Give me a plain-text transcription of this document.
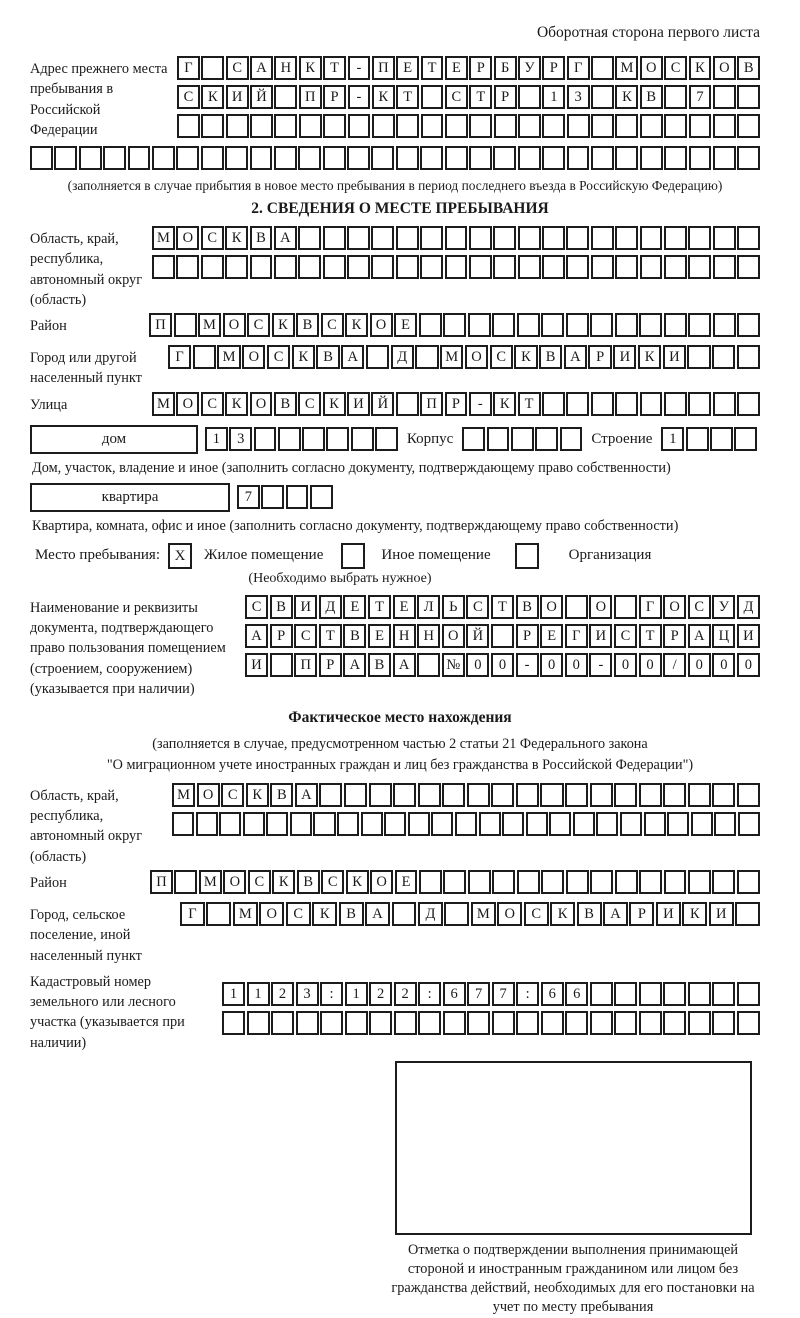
Оборотная сторона первого листа
Адрес прежнего места пребывания в Российской Федерации
Г	С А Н К	Т	-	П	Е	Т	Е	Р	Б	У	Р	Г	М О С	К О В
С	К И Й	П	Р	-	К	Т	С	Т	Р	1	3	К	В	7
(заполняется в случае прибытия в новое место пребывания в период последнего въезда в Российскую Федерацию)
2. СВЕДЕНИЯ О МЕСТЕ ПРЕБЫВАНИЯ
Область, край, республика, автономный округ (область)
М О С	К	В А
Район	П	М О С	К	В	С	К О	Е
Город или другой населенный пункт
Г	М О	С	К	В	А	Д	М О	С	К	В	А	Р	И	К	И
Улица	М О С	К О В	С	К И Й	П	Р	-	К	Т
дом	1	3	Корпус	Строение	1
Дом, участок, владение и иное (заполнить согласно документу, подтверждающему право собственности)
квартира	7
Квартира, комната, офис и иное (заполнить согласно документу, подтверждающему право собственности)
Место пребывания: X	Жилое помещение	Иное помещение	Организация
(Необходимо выбрать нужное)
Наименование и реквизиты документа, подтверждающего право пользования помещением (строением, сооружением) (указывается при наличии)
С	В	И Д	Е	Т	Е	Л	Ь	С	Т	В	О	О	Г	О	С	У	Д
А	Р	С	Т	В	Е	Н Н О Й	Р	Е	Г	И	С	Т	Р	А Ц И
И	П	Р	А	В	А	№ 0	0	-	0	0	-	0	0	/	0	0	0
Фактическое место нахождения
(заполняется в случае, предусмотренном частью 2 статьи 21 Федерального закона
"О миграционном учете иностранных граждан и лиц без гражданства в Российской Федерации")
Область, край, республика, автономный округ (область)
М О С	К	В А
Район	П	М О С	К	В	С	К О	Е
Город, сельское поселение, иной населенный пункт
Г	М	О	С	К	В	А	Д	М	О	С	К	В	А	Р	И	К	И
Кадастровый номер земельного или лесного участка (указывается при наличии)
1	1	2	3	:	1	2	2	:	6	7	7	:	6	6
Отметка о подтверждении выполнения принимающей стороной и иностранным гражданином или лицом без гражданства действий, необходимых для его постановки на учет по месту пребывания
